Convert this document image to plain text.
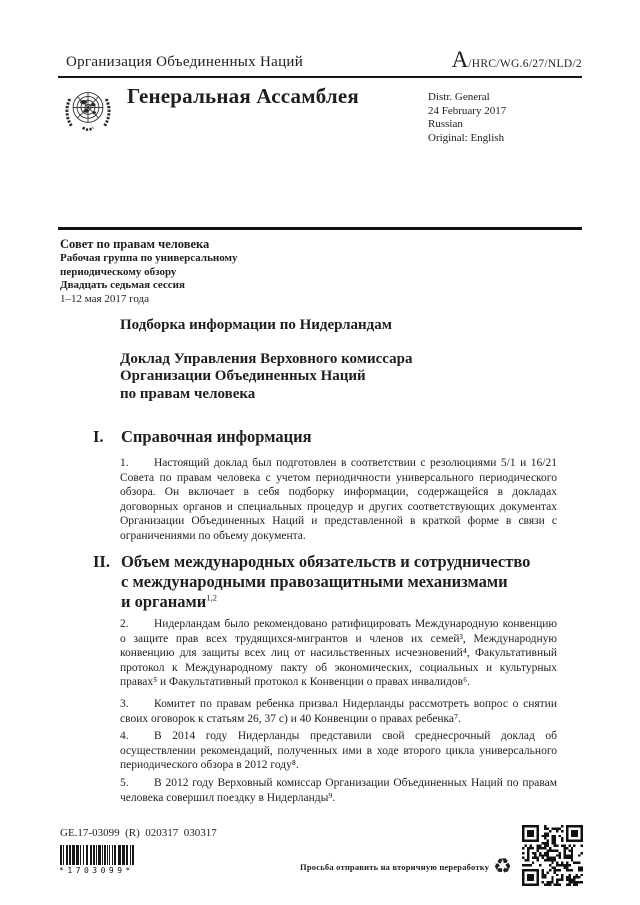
Организация Объединенных Наций	A /HRC/WG.6/27/NLD/2
Генеральная Ассамблея	Distr. General
24 February 2017
Russian
Original: English
Совет по правам человека
Рабочая группа по универсальному
периодическому обзору
Двадцать седьмая сессия
1–12 мая 2017 года
Подборка информации по Нидерландам
Доклад Управления Верховного комиссара
Организации Объединенных Наций
по правам человека
I.	Справочная информация

1. Настоящий доклад был подготовлен в соответствии с резолюциями 5/1 и 16/21 Совета по правам человека с учетом периодичности универсального периодического обзора. Он включает в себя подборку информации, содержащейся в докладах договорных органов и специальных процедур и других соответствующих документах Организации Объединенных Наций и представленной в краткой форме в связи с ограничениями по объему документа.

II. Объем международных обязательств и сотрудничество
с международными правозащитными механизмами
и органами$^{1,2}$

2. Нидерландам было рекомендовано ратифицировать Международную конвенцию о защите прав всех трудящихся-мигрантов и членов их семей³, Международную конвенцию для защиты всех лиц от насильственных исчезновений⁴, Факультативный протокол к Международному пакту об экономических, социальных и культурных правах⁵ и Факультативный протокол к Конвенции о правах инвалидов⁶.

3. Комитет по правам ребенка призвал Нидерланды рассмотреть вопрос о снятии своих оговорок к статьям 26, 37 c) и 40 Конвенции о правах ребенка⁷.

4. В 2014 году Нидерланды представили свой среднесрочный доклад об осуществлении рекомендаций, полученных ими в ходе второго цикла универсального периодического обзора в 2012 году⁸.

5. В 2012 году Верховный комиссар Организации Объединенных Наций по правам человека совершил поездку в Нидерланды⁹.

GE.17-03099  (R)  020317  030317
*1703099*	Просьба отправить на вторичную переработку ♻
